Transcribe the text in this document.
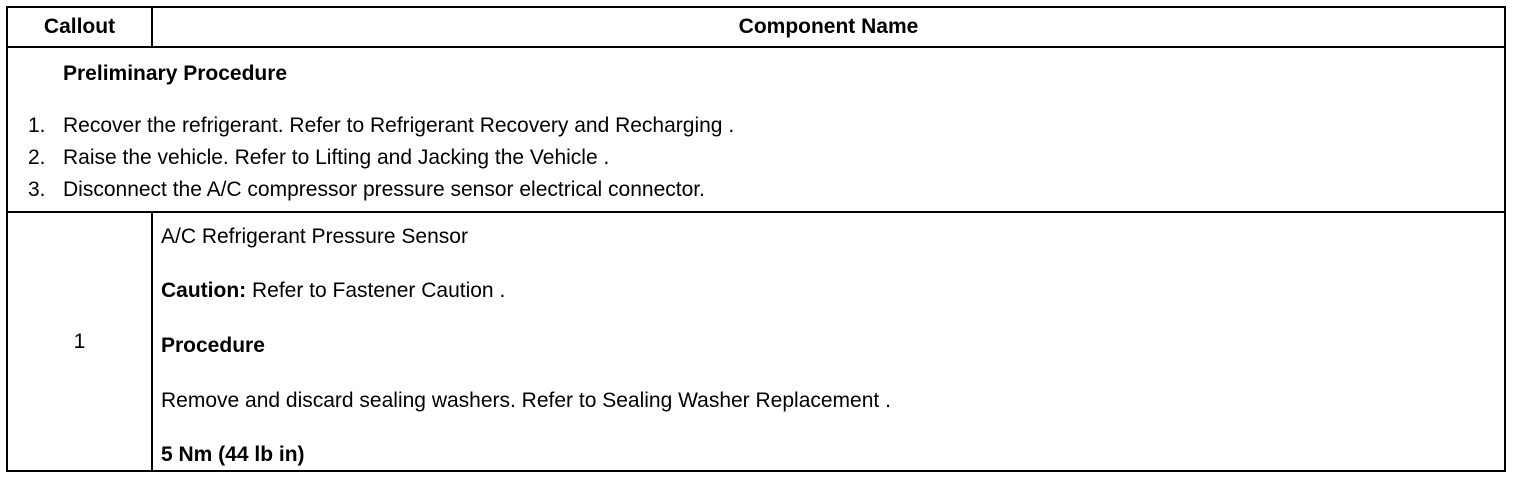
Callout	Component Name
Preliminary Procedure
1. Recover the refrigerant. Refer to Refrigerant Recovery and Recharging .
2. Raise the vehicle. Refer to Lifting and Jacking the Vehicle .
3. Disconnect the A/C compressor pressure sensor electrical connector.
1
A/C Refrigerant Pressure Sensor
Caution: Refer to Fastener Caution .
Procedure
Remove and discard sealing washers. Refer to Sealing Washer Replacement .
5 Nm (44 lb in)
